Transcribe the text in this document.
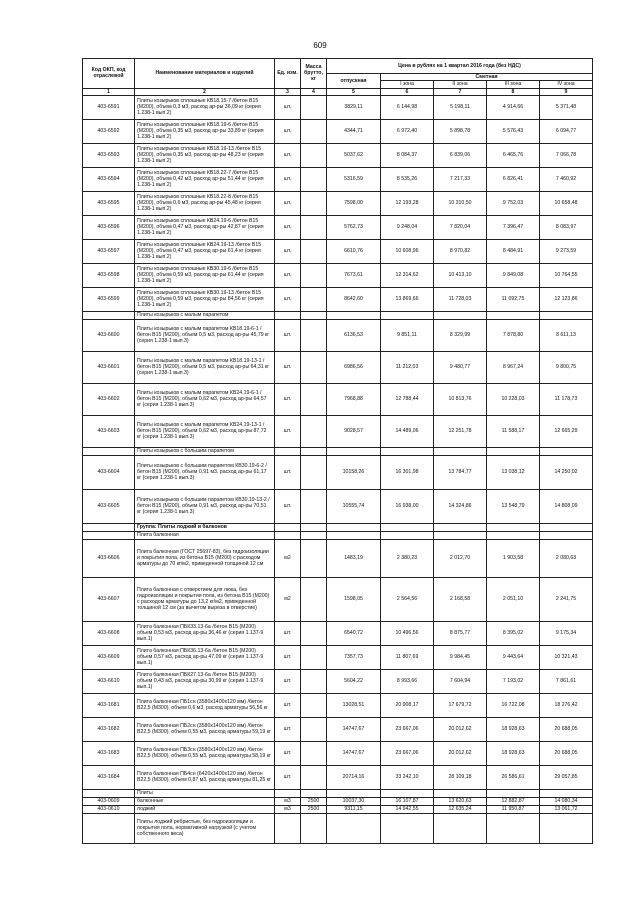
609
Код ОКП, код отраслевой	Наименование материалов и изделий	Ед. изм.	Масса брутто, кг	Цена в рублях на 1 квартал 2016 года (без НДС)				
				отпускная	Сметная			
					I зона	II зона	III зона	IV зона
1	2	3	4	5	6	7	8	9
403-6591	Плиты козырьков сплошные КВ18.15-7 /бетон В15 (М200), объем 0,3 м3, расход ар-ры 36,09 кг (серия 1.238-1 вып.2)	шт.		3829,11	6 144,98	5 198,11	4 914,66	5 371,48
403-6592	Плиты козырьков сплошные КВ18.19-6 /бетон В15 (М200), объем 0,35 м3, расход ар-ры 33,89 кг (серия 1.238-1 вып.2)	шт.		4344,71	6 972,40	5 898,78	5 576,43	6 094,77
403-6593	Плиты козырьков сплошные КВ18.19-13 /бетон В15 (М200), объем 0,35 м3, расход ар-ры 48,23 кг (серия 1.238-1 вып.2)	шт.		5037,62	8 084,37	6 839,06	6 465,76	7 066,78
403-6594	Плиты козырьков сплошные КВ18.22-7 /бетон В15 (М200), объем 0,42 м3, расход ар-ры 51,44 кг (серия 1.238-1 вып.2)	шт.		5316,59	8 535,26	7 217,33	6 826,41	7 460,92
403-6595	Плиты козырьков сплошные КВ18.22-8 /бетон В15 (М200), объем 0,6 м3, расход ар-ры 45,48 кг (серия 1.238-1 вып.2)	шт.		7598,00	12 193,28	10 310,50	9 752,03	10 658,48
403-6596	Плиты козырьков сплошные КВ24.19-6 /бетон В15 (М200), объем 0,47 м3, расход ар-ры 42,87 кг (серия 1.238-1 вып.2)	шт.		5762,73	9 248,04	7 820,04	7 396,47	8 083,97
403-6597	Плиты козырьков сплошные КВ24.19-13 /бетон В15 (М200), объем 0,47 м3, расход ар-ры 61,4 кг (серия 1.238-1 вып.2)	шт.		6610,76	10 608,96	8 970,82	8 484,91	9 273,59
403-6598	Плиты козырьков сплошные КВ30.19-6 /бетон В15 (М200), объем 0,59 м3, расход ар-ры 61,44 кг (серия 1.238-1 вып.2)	шт.		7673,61	12 314,62	10 413,10	9 849,08	10 764,55
403-6599	Плиты козырьков сплошные КВ30.19-13 /бетон В15 (М200), объем 0,59 м3, расход ар-ры 84,56 кг (серия 1.238-1 вып.2)	шт.		8642,60	13 869,66	11 728,03	11 092,75	12 123,86
	Плиты козырьков с малым парапетом							
403-6600	Плиты козырьков с малым парапетом КВ18.19-6-1 /бетон В15 (М200), объем 0,5 м3, расход ар-ры 45,79 кг (серия 1.238-1 вып.3)	шт.		6136,53	9 851,11	8 329,99	7 878,80	8 611,13
403-6601	Плиты козырьков с малым парапетом КВ18.19-13-1 /бетон В15 (М200), объем 0,5 м3, расход ар-ры 64,31 кг (серия 1.238-1 вып.3)	шт.		6986,56	11 212,03	9 480,77	8 967,24	9 800,75
403-6602	Плиты козырьков с малым парапетом КВ24.19-6-1 /бетон В15 (М200), объем 0,62 м3, расход ар-ры 64,57 кг (серия 1.238-1 вып.3)	шт.		7968,88	12 788,44	10 813,76	10 228,03	11 178,73
403-6603	Плиты козырьков с малым парапетом КВ24.19-13-1 /бетон В15 (М200), объем 0,62 м3, расход ар-ры 87,72 кг (серия 1.238-1 вып.3)	шт.		9028,57	14 489,06	12 251,78	11 588,17	12 665,29
	Плиты козырьков с большим парапетом							
403-6604	Плиты козырьков с большим парапетом КВ30.19-6-2 /бетон В15 (М200), объем 0,91 м3, расход ар-ры 61,17 кг (серия 1.238-1 вып.3)	шт.		10158,26	16 301,98	13 784,77	13 038,12	14 250,02
403-6605	Плиты козырьков с большим парапетом КВ30.19-13-2 /бетон В15 (М200), объем 0,91 м3, расход ар-ры 70,51 кг (серия 1.238-1 вып.3)	шт.		10555,74	16 938,00	14 324,86	13 548,79	14 808,09
	Группа: Плиты лоджий и балконов							
	Плита балконная							
403-6606	Плита балконная (ГОСТ 25697-83), без гидроизоляции и покрытия пола, из бетона В15 (М200) с расходом арматуры до 70 кг/м2, приведенной толщиной 12 см	м2		1483,19	2 380,23	2 012,70	1 903,58	2 080,63
403-6607	Плита балконная с отверстием для люка, без гидроизоляции и покрытия пола, из бетона В15 (М200) с расходом арматуры до 13,2 кг/м2, приведенной толщиной 12 см (за вычетом выреза в отверстие)	м2		1598,05	2 564,56	2 168,58	2 051,10	2 241,75
403-6608	Плита балконная ПБК33.13-6а /бетон В15 (М200) объем 0,53 м3, расход ар-ры 36,46 кг (серия 1.137-9 вып.1)	шт.		6540,72	10 496,56	8 875,77	8 395,02	9 175,34
403-6609	Плита балконная ПБК36.13-6а /бетон В15 (М200) объем 0,57 м3, расход ар-ры 47,09 кг (серия 1.137-9 вып.1)	шт.		7357,73	11 807,69	9 984,45	9 443,64	10 321,43
403-6610	Плита балконная ПБК27.13-6а /бетон В15 (М200) объем 0,43 м3, расход ар-ры 30,99 кг (серия 1.137-9 вып.1)	шт.		5604,22	8 993,66	7 604,94	7 193,02	7 861,61
403-1681	Плита балконная ПБ1сн (3580х1400х120 мм) /бетон В22,5 (М300), объем 0,6 м3, расход арматуры 56,56 кг	шт.		13028,51	20 908,17	17 679,72	16 722,08	18 276,42
403-1682	Плита балконная ПБ2сн (3580х1400х120 мм) /бетон В22,5 (М300), объем 0,55 м3, расход арматуры 59,19 кг	шт.		14747,67	23 667,06	20 012,62	18 928,63	20 688,05
403-1683	Плита балконная ПБ3сн (3580х1400х120 мм) /бетон В22,5 (М300), объем 0,55 м3, расход арматуры 58,19 кг	шт.		14747,67	23 667,06	20 012,62	18 928,63	20 688,05
403-1684	Плита балконная ПБ4сн (6420х1400х120 мм) /бетон В22,5 (М300), объем 0,87 м3, расход арматуры 81,25 кг	шт.		20714,16	33 242,10	28 109,18	26 586,61	29 057,85
	Плиты							
403-0609	балконные	м3	2500	10037,30	16 107,87	13 620,63	12 882,87	14 080,34
403-0610	лоджий	м3	2500	9311,15	14 942,55	12 635,24	11 950,87	13 061,72
	Плиты лоджий ребристые, без гидроизоляции и покрытия пола, нормативной нагрузкой (с учетом собственного веса)							
